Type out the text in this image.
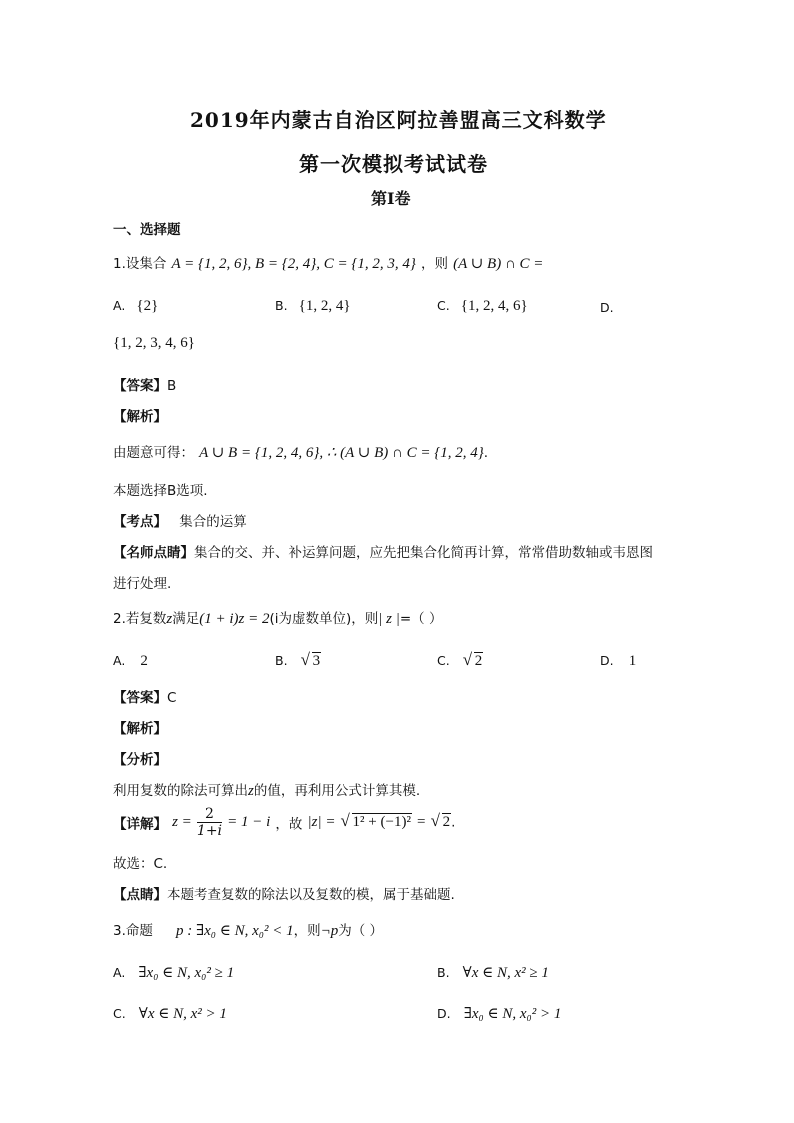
2019年内蒙古自治区阿拉善盟高三文科数学
第一次模拟考试试卷
第I卷
一、选择题
1.设集合 A = {1, 2, 6}, B = {2, 4}, C = {1, 2, 3, 4} ，则 (A ∪ B) ∩ C =
A. {2}	B. {1, 2, 4}	C. {1, 2, 4, 6}	D.
{1, 2, 3, 4, 6}
【答案】B
【解析】
由题意可得： A ∪ B = {1, 2, 4, 6}, ∴ (A ∪ B) ∩ C = {1, 2, 4}.
本题选择B选项.
【考点】 集合的运算
【名师点睛】集合的交、并、补运算问题，应先把集合化简再计算，常常借助数轴或韦恩图
进行处理.
2.若复数z满足(1 + i)z = 2(i为虚数单位)，则| z |=（ ）
A. 2	B. √ 3	C. √ 2	D. 1
【答案】C
【解析】
【分析】
利用复数的除法可算出z的值，再利用公式计算其模.
【详解】 $z = \frac{2}{1+i} = 1 - i$ ，故 |z| = √ 1² + (−1)² = √ 2.
故选：C.
【点睛】本题考查复数的除法以及复数的模，属于基础题.
3.命题 p : ∃x₀ ∈ N, x₀² < 1，则¬p为（ ）
A. ∃x₀ ∈ N, x₀² ≥ 1	B. ∀x ∈ N, x² ≥ 1
C. ∀x ∈ N, x² > 1	D. ∃x₀ ∈ N, x₀² > 1
